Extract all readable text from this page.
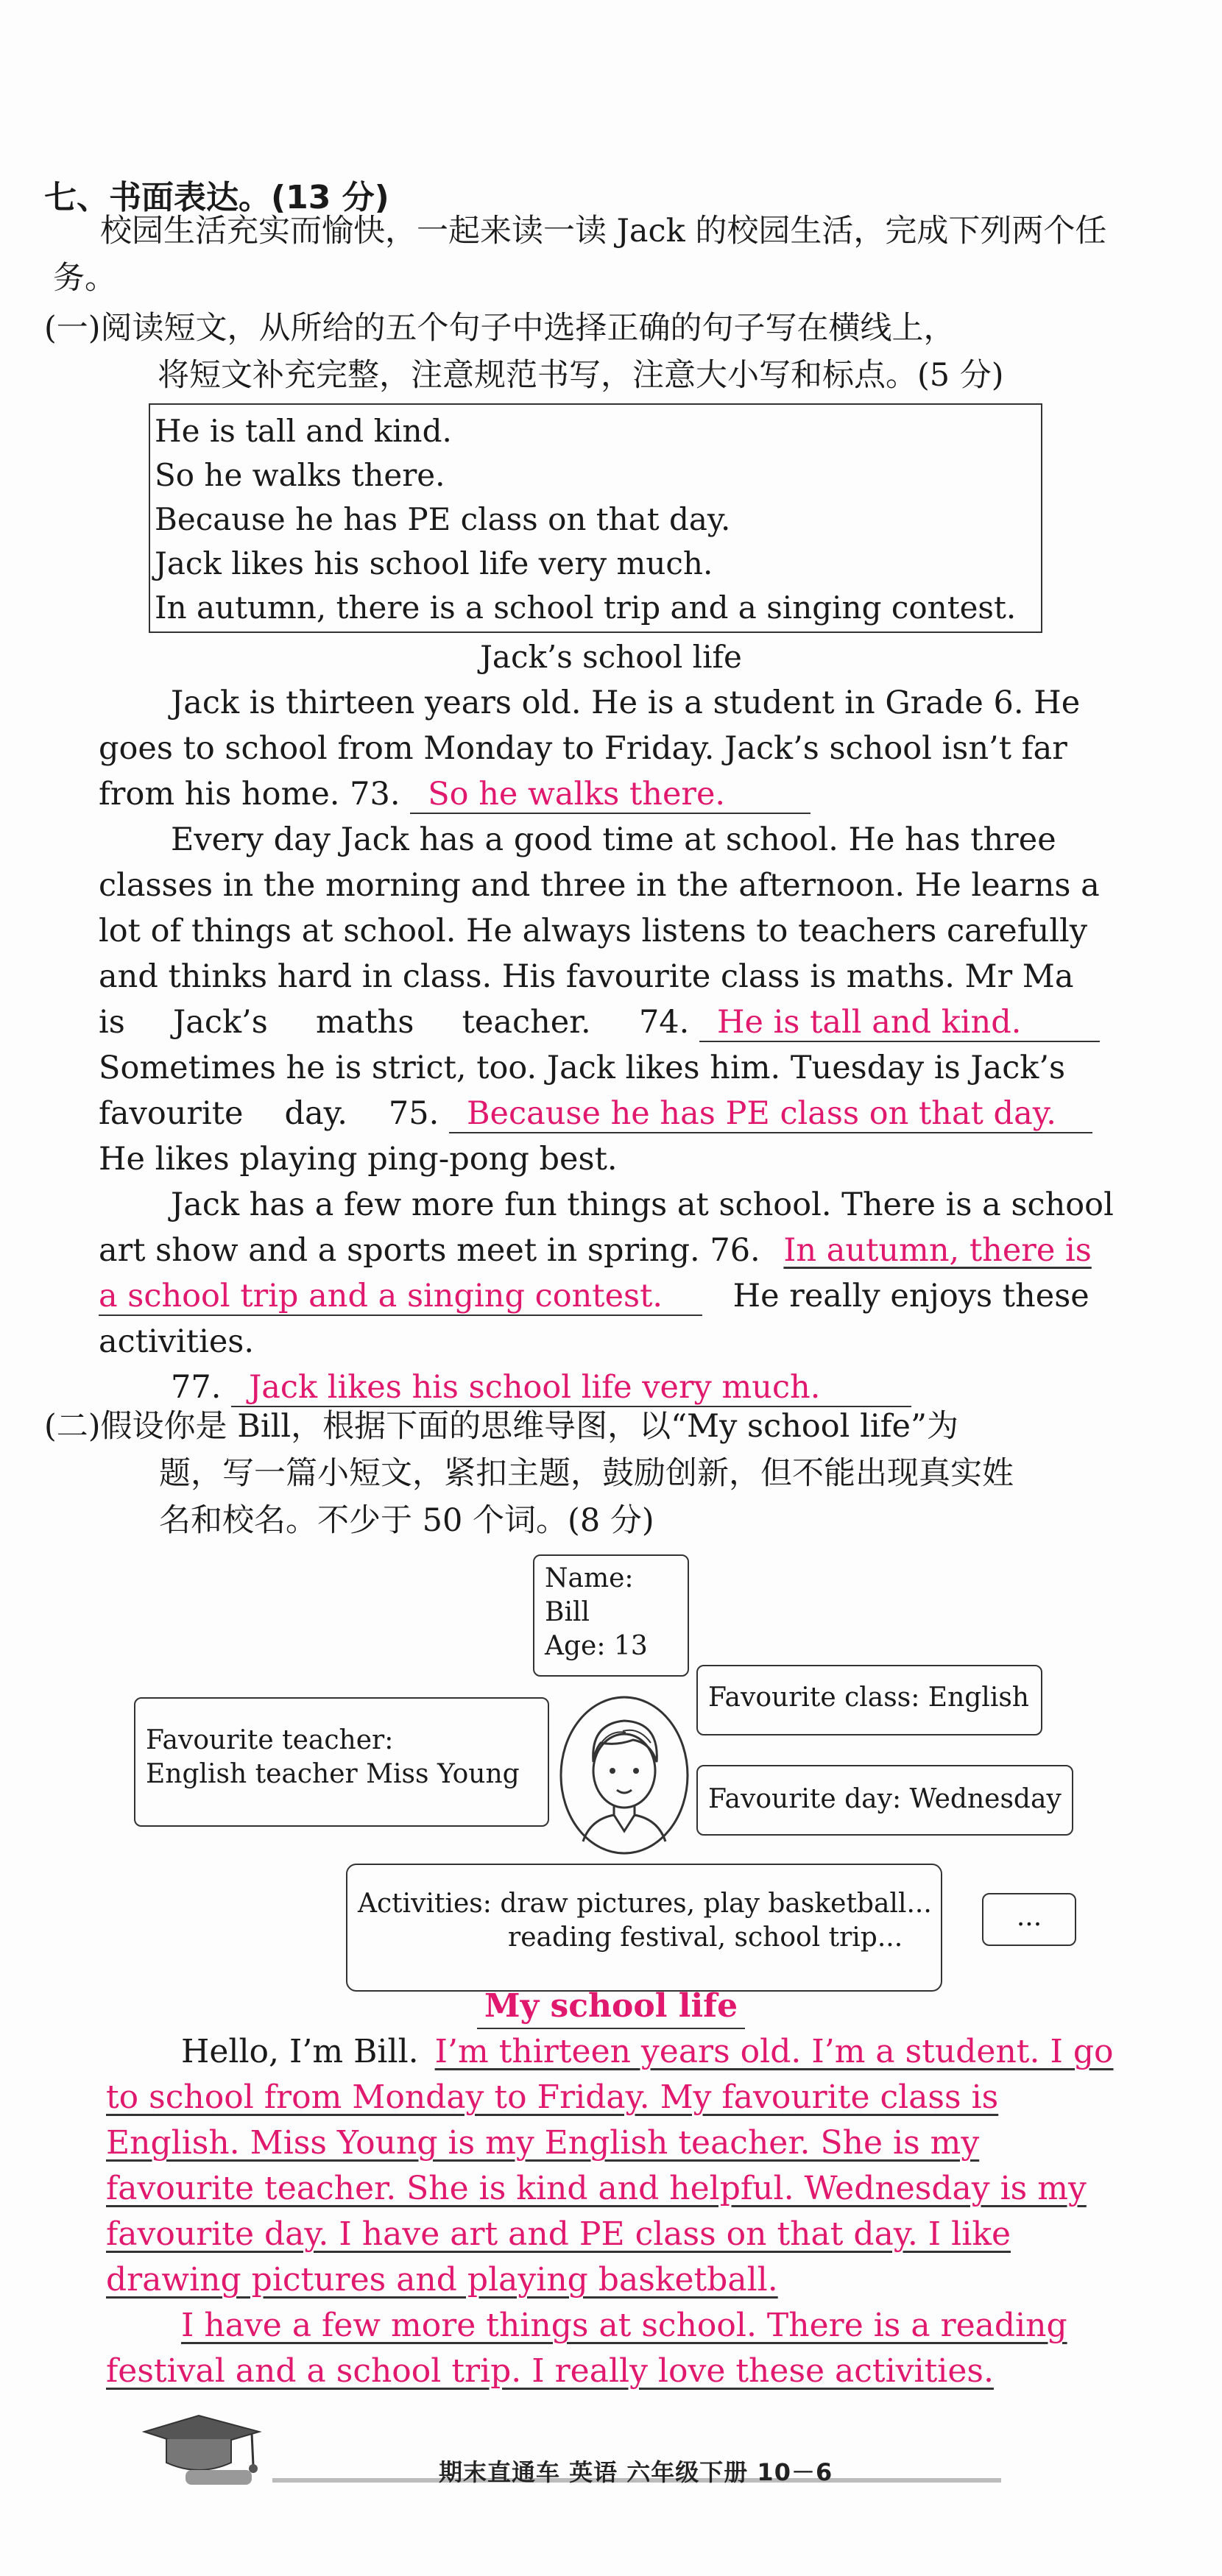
七、书面表达。(13 分)
校园生活充实而愉快，一起来读一读 Jack 的校园生活，完成下列两个任务。
(一)阅读短文，从所给的五个句子中选择正确的句子写在横线上，
将短文补充完整，注意规范书写，注意大小写和标点。(5 分)
He is tall and kind.
So he walks there.
Because he has PE class on that day.
Jack likes his school life very much.
In autumn, there is a school trip and a singing contest.
Jack’s school life
Jack is thirteen years old. He is a student in Grade 6. He
goes to school from Monday to Friday. Jack’s school isn’t far
from his home. 73. So he walks there.
Every day Jack has a good time at school. He has three
classes in the morning and three in the afternoon. He learns a
lot of things at school. He always listens to teachers carefully
and thinks hard in class. His favourite class is maths. Mr Ma
is Jack’s maths teacher. 74. He is tall and kind.
Sometimes he is strict, too. Jack likes him. Tuesday is Jack’s
favourite day. 75. Because he has PE class on that day.
He likes playing ping-pong best.
Jack has a few more fun things at school. There is a school
art show and a sports meet in spring. 76. In autumn, there is
a school trip and a singing contest. He really enjoys these
activities.
77. Jack likes his school life very much.
(二)假设你是 Bill，根据下面的思维导图，以“My school life”为
题，写一篇小短文，紧扣主题，鼓励创新，但不能出现真实姓
名和校名。不少于 50 个词。(8 分)
Name: Bill
Age: 13
Favourite class: English
Favourite teacher:
English teacher Miss Young
Favourite day: Wednesday
Activities: draw pictures, play basketball...
reading festival, school trip...
...
My school life
Hello, I’m Bill. I’m thirteen years old. I’m a student. I go
to school from Monday to Friday. My favourite class is
English. Miss Young is my English teacher. She is my
favourite teacher. She is kind and helpful. Wednesday is my
favourite day. I have art and PE class on that day. I like
drawing pictures and playing basketball.
I have a few more things at school. There is a reading
festival and a school trip. I really love these activities.
期末直通车 英语 六年级下册 10－6
